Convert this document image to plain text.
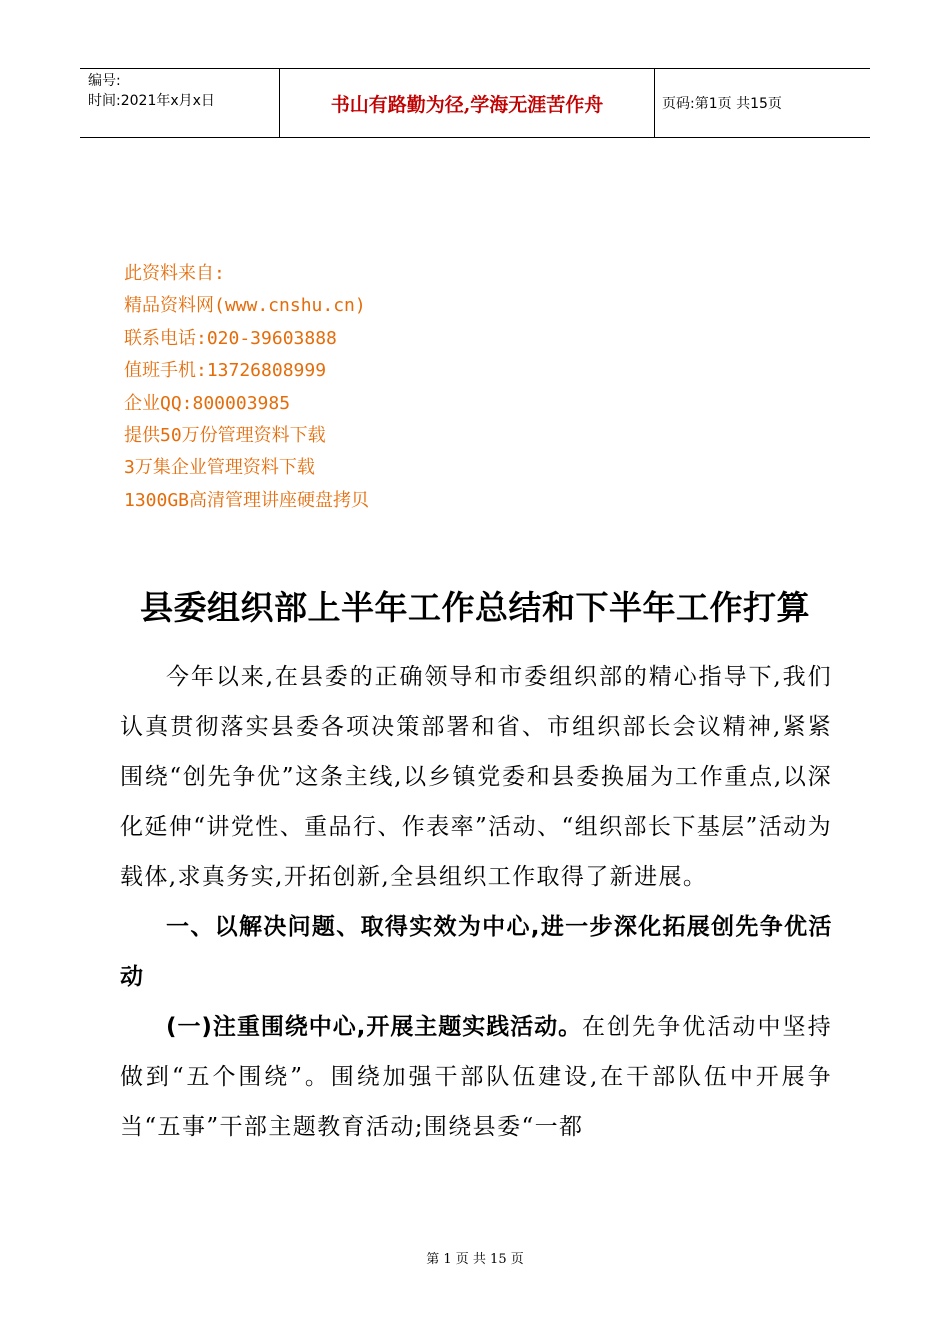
编号:
时间:2021年x月x日	书山有路勤为径,学海无涯苦作舟	页码:第1页 共15页
此资料来自:
精品资料网(www.cnshu.cn)
联系电话:020-39603888
值班手机:13726808999
企业QQ:800003985
提供50万份管理资料下载
3万集企业管理资料下载
1300GB高清管理讲座硬盘拷贝
县委组织部上半年工作总结和下半年工作打算

今年以来,在县委的正确领导和市委组织部的精心指导下,我们认真贯彻落实县委各项决策部署和省、市组织部长会议精神,紧紧围绕“创先争优”这条主线,以乡镇党委和县委换届为工作重点,以深化延伸“讲党性、重品行、作表率”活动、“组织部长下基层”活动为载体,求真务实,开拓创新,全县组织工作取得了新进展。

一、以解决问题、取得实效为中心,进一步深化拓展创先争优活动

(一)注重围绕中心,开展主题实践活动。在创先争优活动中坚持做到“五个围绕”。围绕加强干部队伍建设,在干部队伍中开展争当“五事”干部主题教育活动;围绕县委“一都

第 1 页 共 15 页
